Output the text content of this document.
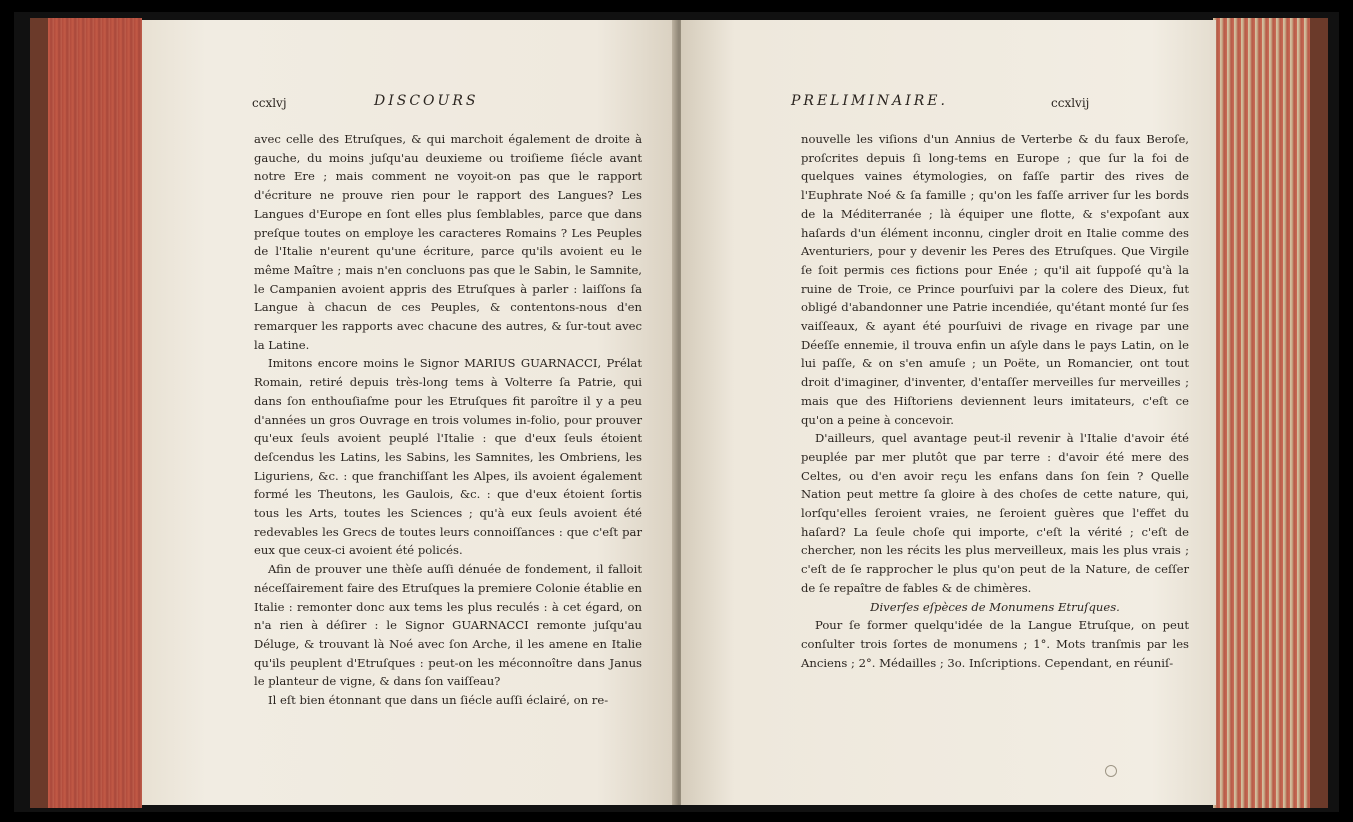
ccxlvj	DISCOURS

avec celle des Etruſques, & qui marchoit également de droite à gauche, du moins juſqu'au deuxieme ou troiſieme ſiécle avant notre Ere ; mais comment ne voyoit-on pas que le rapport d'écriture ne prouve rien pour le rapport des Langues? Les Langues d'Europe en ſont elles plus ſemblables, parce que dans preſque toutes on employe les caracteres Romains ? Les Peuples de l'Italie n'eurent qu'une écriture, parce qu'ils avoient eu le même Maître ; mais n'en concluons pas que le Sabin, le Samnite, le Campanien avoient appris des Etruſques à parler : laiſſons ſa Langue à chacun de ces Peuples, & contentons-nous d'en remarquer les rapports avec chacune des autres, & ſur-tout avec la Latine.

Imitons encore moins le Signor MARIUS GUARNACCI, Prélat Romain, retiré depuis très-long tems à Volterre ſa Patrie, qui dans ſon enthouſiaſme pour les Etruſques fit paroître il y a peu d'années un gros Ouvrage en trois volumes in-folio, pour prouver qu'eux ſeuls avoient peuplé l'Italie : que d'eux ſeuls étoient deſcendus les Latins, les Sabins, les Samnites, les Ombriens, les Liguriens, &c. : que franchiſſant les Alpes, ils avoient également formé les Theutons, les Gaulois, &c. : que d'eux étoient ſortis tous les Arts, toutes les Sciences ; qu'à eux ſeuls avoient été redevables les Grecs de toutes leurs connoiſſances : que c'eſt par eux que ceux-ci avoient été policés.

Afin de prouver une thèſe auſſi dénuée de fondement, il falloit néceſſairement faire des Etruſques la premiere Colonie établie en Italie : remonter donc aux tems les plus reculés : à cet égard, on n'a rien à déſirer : le Signor GUARNACCI remonte juſqu'au Déluge, & trouvant là Noé avec ſon Arche, il les amene en Italie qu'ils peuplent d'Etruſques : peut-on les méconnoître dans Janus le planteur de vigne, & dans ſon vaiſſeau?

Il eſt bien étonnant que dans un ſiécle auſſi éclairé, on re-

PRELIMINAIRE.	ccxlvij

nouvelle les viſions d'un Annius de Verterbe & du faux Beroſe, proſcrites depuis ſi long-tems en Europe ; que ſur la foi de quelques vaines étymologies, on faſſe partir des rives de l'Euphrate Noé & ſa famille ; qu'on les faſſe arriver ſur les bords de la Méditerranée ; là équiper une flotte, & s'expoſant aux haſards d'un élément inconnu, cingler droit en Italie comme des Aventuriers, pour y devenir les Peres des Etruſques. Que Virgile ſe ſoit permis ces fictions pour Enée ; qu'il ait ſuppoſé qu'à la ruine de Troie, ce Prince pourſuivi par la colere des Dieux, fut obligé d'abandonner une Patrie incendiée, qu'étant monté ſur ſes vaiſſeaux, & ayant été pourſuivi de rivage en rivage par une Déeſſe ennemie, il trouva enfin un aſyle dans le pays Latin, on le lui paſſe, & on s'en amuſe ; un Poëte, un Romancier, ont tout droit d'imaginer, d'inventer, d'entaſſer merveilles ſur merveilles ; mais que des Hiſtoriens deviennent leurs imitateurs, c'eſt ce qu'on a peine à concevoir.

D'ailleurs, quel avantage peut-il revenir à l'Italie d'avoir été peuplée par mer plutôt que par terre : d'avoir été mere des Celtes, ou d'en avoir reçu les enfans dans ſon ſein ? Quelle Nation peut mettre ſa gloire à des choſes de cette nature, qui, lorſqu'elles ſeroient vraies, ne ſeroient guères que l'effet du haſard? La ſeule choſe qui importe, c'eſt la vérité ; c'eſt de chercher, non les récits les plus merveilleux, mais les plus vrais ; c'eſt de ſe rapprocher le plus qu'on peut de la Nature, de ceſſer de ſe repaître de fables & de chimères.

Diverſes eſpèces de Monumens Etruſques.

Pour ſe former quelqu'idée de la Langue Etruſque, on peut conſulter trois ſortes de monumens ; 1°. Mots tranſmis par les Anciens ; 2°. Médailles ; 3o. Inſcriptions. Cependant, en réuniſ-
